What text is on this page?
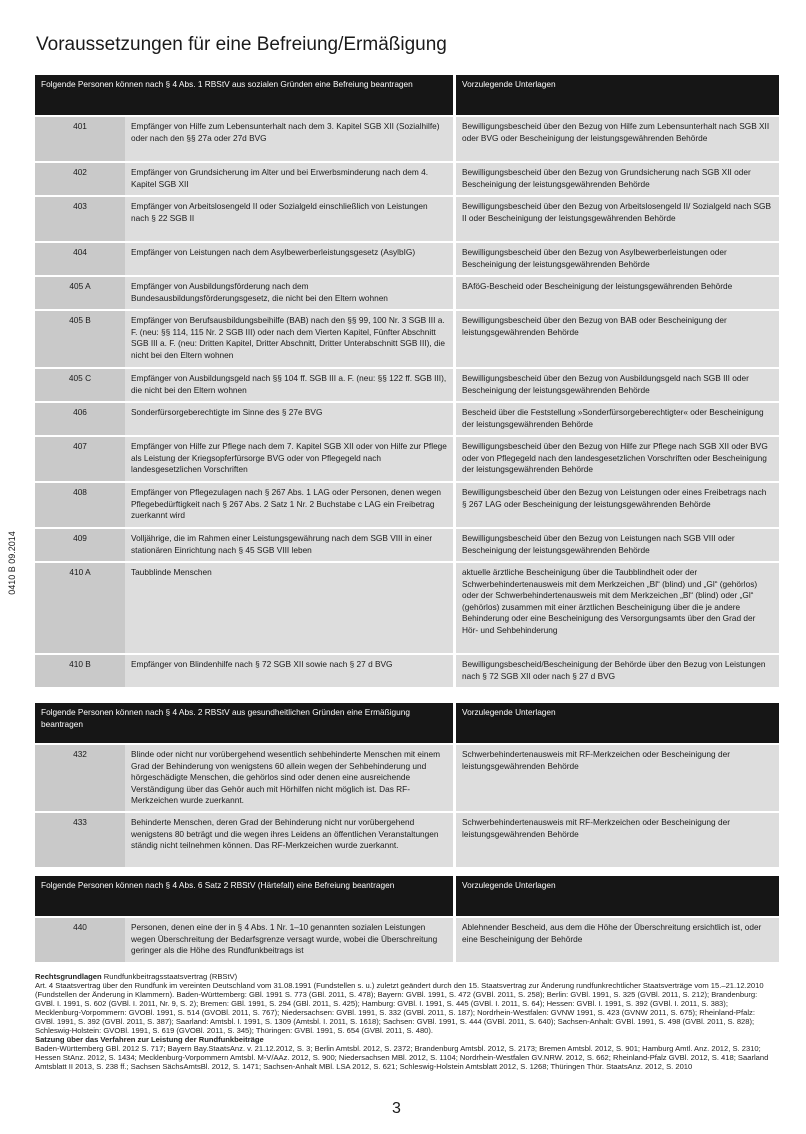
Voraussetzungen für eine Befreiung/Ermäßigung
0410 B 09.2014
Folgende Personen können nach § 4 Abs. 1 RBStV aus sozialen Gründen eine Befreiung beantragen		Vorzulegende Unterlagen
401	Empfänger von Hilfe zum Lebensunterhalt nach dem 3. Kapitel SGB XII (Sozialhilfe) oder nach den §§ 27a oder 27d BVG	Bewilligungsbescheid über den Bezug von Hilfe zum Lebensunterhalt nach SGB XII oder BVG oder Bescheinigung der leistungsgewährenden Behörde
402	Empfänger von Grundsicherung im Alter und bei Erwerbsminderung nach dem 4. Kapitel SGB XII	Bewilligungsbescheid über den Bezug von Grundsicherung nach SGB XII oder Bescheinigung der leistungsgewährenden Behörde
403	Empfänger von Arbeitslosengeld II oder Sozialgeld einschließlich von Leistungen nach § 22 SGB II	Bewilligungsbescheid über den Bezug von Arbeitslosengeld II/ Sozialgeld nach SGB II oder Bescheinigung der leistungsgewährenden Behörde
404	Empfänger von Leistungen nach dem Asylbewerberleistungsgesetz (AsylbIG)	Bewilligungsbescheid über den Bezug von Asylbewerberleistungen oder Bescheinigung der leistungsgewährenden Behörde
405 A	Empfänger von Ausbildungsförderung nach dem Bundesausbildungsförderungsgesetz, die nicht bei den Eltern wohnen	BAföG-Bescheid oder Bescheinigung der leistungsgewährenden Behörde
405 B	Empfänger von Berufsausbildungsbeihilfe (BAB) nach den §§ 99, 100 Nr. 3 SGB III a. F. (neu: §§ 114, 115 Nr. 2 SGB III) oder nach dem Vierten Kapitel, Fünfter Abschnitt SGB III a. F. (neu: Dritten Kapitel, Dritter Abschnitt, Dritter Unterabschnitt SGB III), die nicht bei den Eltern wohnen	Bewilligungsbescheid über den Bezug von BAB oder Bescheinigung der leistungsgewährenden Behörde
405 C	Empfänger von Ausbildungsgeld nach §§ 104 ff. SGB III a. F. (neu: §§ 122 ff. SGB III), die nicht bei den Eltern wohnen	Bewilligungsbescheid über den Bezug von Ausbildungsgeld nach SGB III oder Bescheinigung der leistungsgewährenden Behörde
406	Sonderfürsorgeberechtigte im Sinne des § 27e BVG	Bescheid über die Feststellung »Sonderfürsorgeberechtigter« oder Bescheinigung der leistungsgewährenden Behörde
407	Empfänger von Hilfe zur Pflege nach dem 7. Kapitel SGB XII oder von Hilfe zur Pflege als Leistung der Kriegsopferfürsorge BVG oder von Pflegegeld nach landesgesetzlichen Vorschriften	Bewilligungsbescheid über den Bezug von Hilfe zur Pflege nach SGB XII oder BVG oder von Pflegegeld nach den landesgesetzlichen Vorschriften oder Bescheinigung der leistungsgewährenden Behörde
408	Empfänger von Pflegezulagen nach § 267 Abs. 1 LAG oder Personen, denen wegen Pflegebedürftigkeit nach § 267 Abs. 2 Satz 1 Nr. 2 Buchstabe c LAG ein Freibetrag zuerkannt wird	Bewilligungsbescheid über den Bezug von Leistungen oder eines Freibetrags nach § 267 LAG oder Bescheinigung der leistungsgewährenden Behörde
409	Volljährige, die im Rahmen einer Leistungsgewährung nach dem SGB VIII in einer stationären Einrichtung nach § 45 SGB VIII leben	Bewilligungsbescheid über den Bezug von Leistungen nach SGB VIII oder Bescheinigung der leistungsgewährenden Behörde
410 A	Taubblinde Menschen	aktuelle ärztliche Bescheinigung über die Taubblindheit oder der Schwerbehindertenausweis mit dem Merkzeichen „Bl“ (blind) und „Gl“ (gehörlos) oder der Schwerbehindertenausweis mit dem Merkzeichen „Bl“ (blind) oder „Gl“ (gehörlos) zusammen mit einer ärztlichen Bescheinigung über die je andere Behinderung oder eine Bescheinigung des Versorgungsamts über den Grad der Hör- und Sehbehinderung
410 B	Empfänger von Blindenhilfe nach § 72 SGB XII sowie nach § 27 d BVG	Bewilligungsbescheid/Bescheinigung der Behörde über den Bezug von Leistungen nach § 72 SGB XII oder nach § 27 d BVG
Folgende Personen können nach § 4 Abs. 2 RBStV aus gesundheitlichen Gründen eine Ermäßigung beantragen		Vorzulegende Unterlagen
432	Blinde oder nicht nur vorübergehend wesentlich sehbehinderte Menschen mit einem Grad der Behinderung von wenigstens 60 allein wegen der Sehbehinderung und hörgeschädigte Menschen, die gehörlos sind oder denen eine ausreichende Verständigung über das Gehör auch mit Hörhilfen nicht möglich ist. Das RF-Merkzeichen wurde zuerkannt.	Schwerbehindertenausweis mit RF-Merkzeichen oder Bescheinigung der leistungsgewährenden Behörde
433	Behinderte Menschen, deren Grad der Behinderung nicht nur vorübergehend wenigstens 80 beträgt und die wegen ihres Leidens an öffentlichen Veranstaltungen ständig nicht teilnehmen können. Das RF-Merkzeichen wurde zuerkannt.	Schwerbehindertenausweis mit RF-Merkzeichen oder Bescheinigung der leistungsgewährenden Behörde
Folgende Personen können nach § 4 Abs. 6 Satz 2 RBStV (Härtefall) eine Befreiung beantragen		Vorzulegende Unterlagen
440	Personen, denen eine der in § 4 Abs. 1 Nr. 1–10 genannten sozialen Leistungen wegen Überschreitung der Bedarfsgrenze versagt wurde, wobei die Überschreitung geringer als die Höhe des Rundfunkbeitrags ist	Ablehnender Bescheid, aus dem die Höhe der Überschreitung ersichtlich ist, oder eine Bescheinigung der Behörde

Rechtsgrundlagen Rundfunkbeitragsstaatsvertrag (RBStV)

Art. 4 Staatsvertrag über den Rundfunk im vereinten Deutschland vom 31.08.1991 (Fundstellen s. u.) zuletzt geändert durch den 15. Staatsvertrag zur Änderung rundfunkrechtlicher Staatsverträge vom 15.–21.12.2010 (Fundstellen der Änderung in Klammern). Baden-Württemberg: GBl. 1991 S. 773 (GBl. 2011, S. 478); Bayern: GVBl. 1991, S. 472 (GVBl. 2011, S. 258); Berlin: GVBl. 1991, S. 325 (GVBl. 2011, S. 212); Brandenburg: GVBl. I. 1991, S. 602 (GVBl. I. 2011, Nr. 9, S. 2); Bremen: GBl. 1991, S. 294 (GBl. 2011, S. 425); Hamburg: GVBl. I. 1991, S. 445 (GVBl. I. 2011, S. 64); Hessen: GVBl. I. 1991, S. 392 (GVBl. I. 2011, S. 383); Mecklenburg-Vorpommern: GVOBl. 1991, S. 514 (GVOBl. 2011, S. 767); Niedersachsen: GVBl. 1991, S. 332 (GVBl. 2011, S. 187); Nordrhein-Westfalen: GVNW 1991, S. 423 (GVNW 2011, S. 675); Rheinland-Pfalz: GVBl. 1991, S. 392 (GVBl. 2011, S. 387); Saarland: Amtsbl. I. 1991, S. 1309 (Amtsbl. I. 2011, S. 1618); Sachsen: GVBl. 1991, S. 444 (GVBl. 2011, S. 640); Sachsen-Anhalt: GVBl. 1991, S. 498 (GVBl. 2011, S. 828); Schleswig-Holstein: GVOBl. 1991, S. 619 (GVOBl. 2011, S. 345); Thüringen: GVBl. 1991, S. 654 (GVBl. 2011, S. 480).

Satzung über das Verfahren zur Leistung der Rundfunkbeiträge

Baden-Württemberg GBl. 2012 S. 717; Bayern Bay.StaatsAnz. v. 21.12.2012, S. 3; Berlin Amtsbl. 2012, S. 2372; Brandenburg Amtsbl. 2012, S. 2173; Bremen Amtsbl. 2012, S. 901; Hamburg Amtl. Anz. 2012, S. 2310; Hessen StAnz. 2012, S. 1434; Mecklenburg-Vorpommern Amtsbl. M-V/AAz. 2012, S. 900; Niedersachsen MBl. 2012, S. 1104; Nordrhein-Westfalen GV.NRW. 2012, S. 662; Rheinland-Pfalz GVBl. 2012, S. 418; Saarland Amtsblatt II 2013, S. 238 ff.; Sachsen SächsAmtsBl. 2012, S. 1471; Sachsen-Anhalt MBl. LSA 2012, S. 621; Schleswig-Holstein Amtsblatt 2012, S. 1268; Thüringen Thür. StaatsAnz. 2012, S. 2010

3
